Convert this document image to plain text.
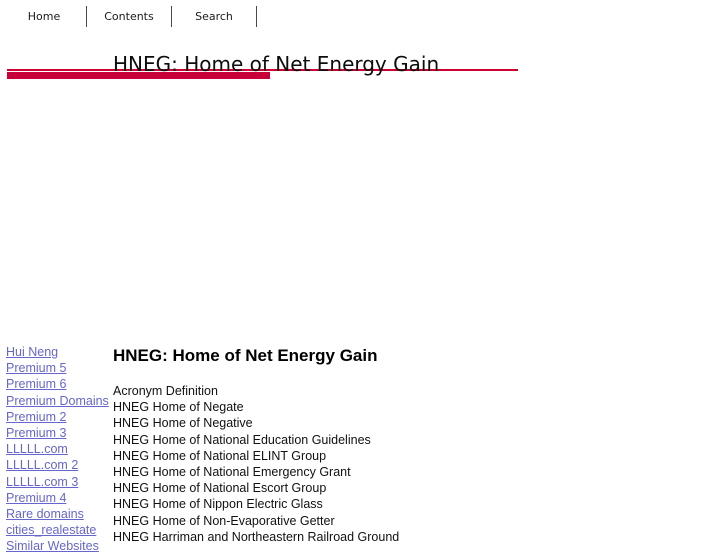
Home	Contents	Search
HNEG: Home of Net Energy Gain
Hui Neng
Premium 5
Premium 6
Premium Domains
Premium 2
Premium 3
LLLLL.com
LLLLL.com 2
LLLLL.com 3
Premium 4
Rare domains
cities_realestate
Similar Websites
HNEG: Home of Net Energy Gain
Acronym Definition
HNEG Home of Negate
HNEG Home of Negative
HNEG Home of National Education Guidelines
HNEG Home of National ELINT Group
HNEG Home of National Emergency Grant
HNEG Home of National Escort Group
HNEG Home of Nippon Electric Glass
HNEG Home of Non-Evaporative Getter
HNEG Harriman and Northeastern Railroad Ground
